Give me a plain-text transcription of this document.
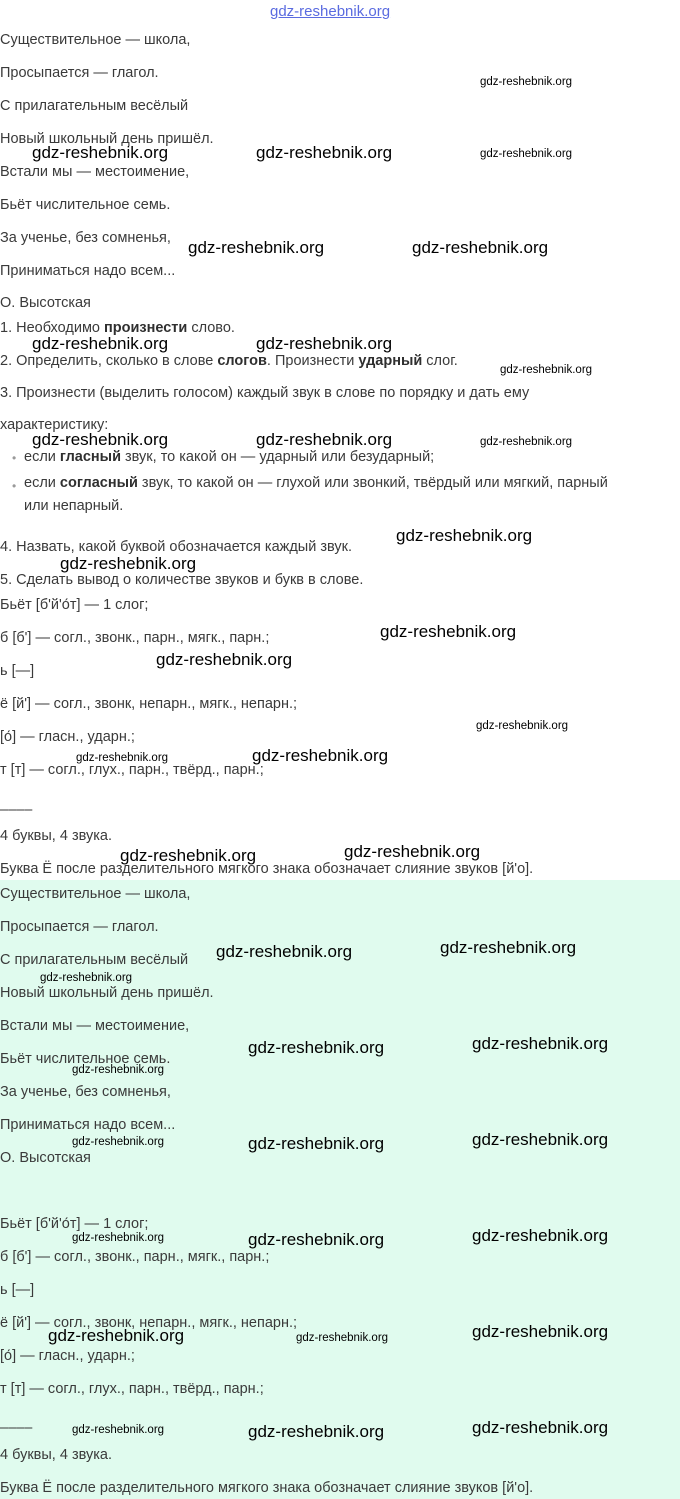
gdz-reshebnik.org
Существительное — школа,
Просыпается — глагол.
С прилагательным весёлый
Новый школьный день пришёл.
Встали мы — местоимение,
Бьёт числительное семь.
За ученье, без сомненья,
Приниматься надо всем...
О. Высотская
1. Необходимо произнести слово.
2. Определить, сколько в слове слогов. Произнести ударный слог.
3. Произнести (выделить голосом) каждый звук в слове по порядку и дать ему характеристику:
• если гласный звук, то какой он — ударный или безударный;
• если согласный звук, то какой он — глухой или звонкий, твёрдый или мягкий, парный или непарный.
4. Назвать, какой буквой обозначается каждый звук.
5. Сделать вывод о количестве звуков и букв в слове.
Бьёт [б'й'о́т] — 1 слог;
б [б'] — согл., звонк., парн., мягк., парн.;
ь [—]
ё [й'] — согл., звонк, непарн., мягк., непарн.;
[о́] — гласн., ударн.;
т [т] — согл., глух., парн., твёрд., парн.;
––––
4 буквы, 4 звука.
Буква Ё после разделительного мягкого знака обозначает слияние звуков [й'о].
Существительное — школа,
Просыпается — глагол.
С прилагательным весёлый
Новый школьный день пришёл.
Встали мы — местоимение,
Бьёт числительное семь.
За ученье, без сомненья,
Приниматься надо всем...
О. Высотская
Бьёт [б'й'о́т] — 1 слог;
б [б'] — согл., звонк., парн., мягк., парн.;
ь [—]
ё [й'] — согл., звонк, непарн., мягк., непарн.;
[о́] — гласн., ударн.;
т [т] — согл., глух., парн., твёрд., парн.;
––––
4 буквы, 4 звука.
Буква Ё после разделительного мягкого знака обозначает слияние звуков [й'о].
gdz-reshebnik.org
gdz-reshebnik.org	gdz-reshebnik.org	gdz-reshebnik.org
gdz-reshebnik.org	gdz-reshebnik.org
gdz-reshebnik.org	gdz-reshebnik.org
gdz-reshebnik.org
gdz-reshebnik.org	gdz-reshebnik.org	gdz-reshebnik.org
gdz-reshebnik.org
gdz-reshebnik.org
gdz-reshebnik.org
gdz-reshebnik.org
gdz-reshebnik.org
gdz-reshebnik.org
gdz-reshebnik.org
gdz-reshebnik.org
gdz-reshebnik.org
gdz-reshebnik.org
gdz-reshebnik.org
gdz-reshebnik.org
gdz-reshebnik.org
gdz-reshebnik.org
gdz-reshebnik.org
gdz-reshebnik.org
gdz-reshebnik.org
gdz-reshebnik.org
gdz-reshebnik.org	gdz-reshebnik.org
gdz-reshebnik.org
gdz-reshebnik.org
gdz-reshebnik.org	gdz-reshebnik.org
gdz-reshebnik.org
gdz-reshebnik.org
gdz-reshebnik.org
